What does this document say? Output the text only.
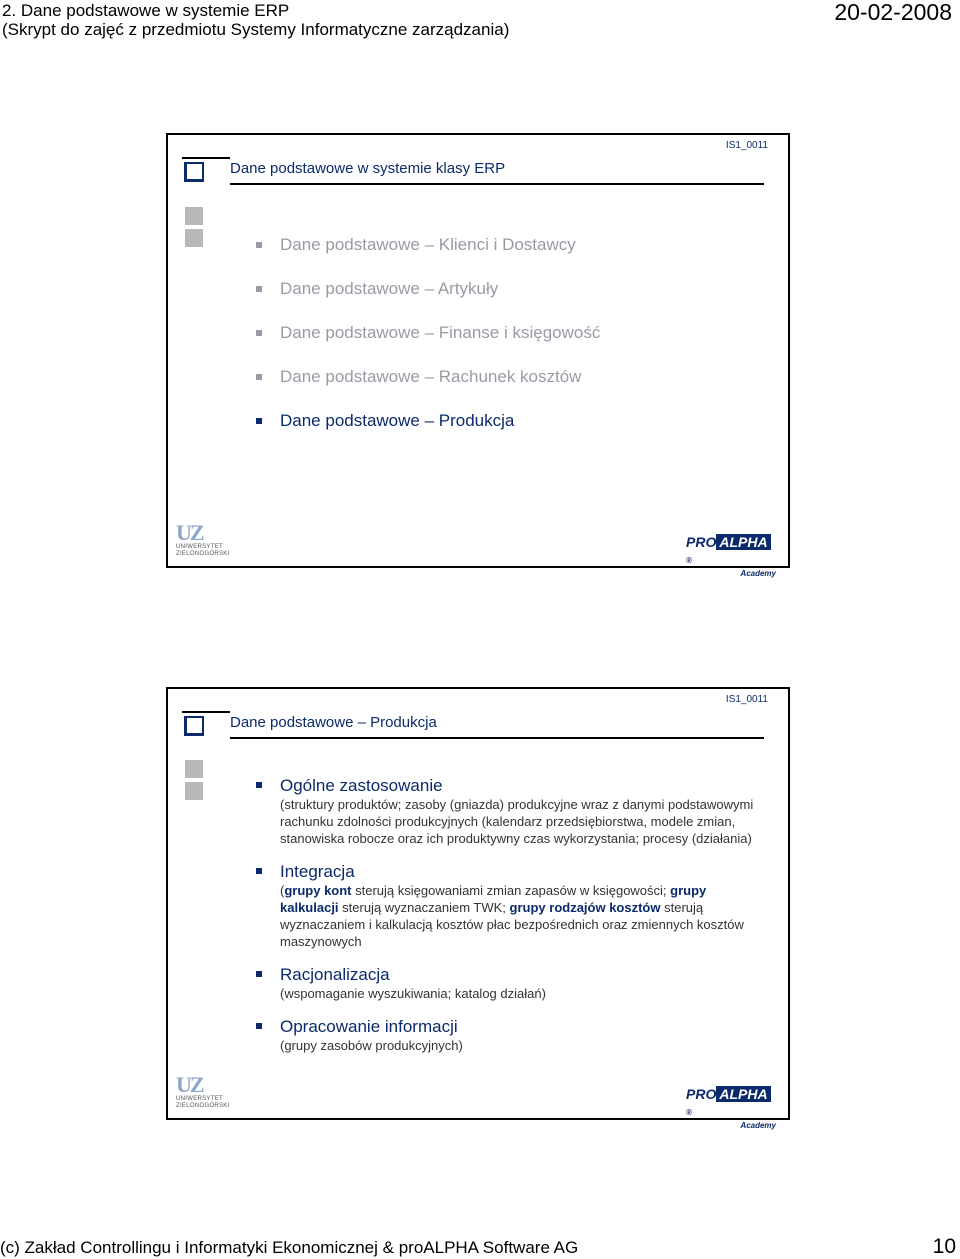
2. Dane podstawowe w systemie ERP
(Skrypt do zajęć z przedmiotu Systemy Informatyczne zarządzania)
20-02-2008
IS1_0011
Dane podstawowe w systemie klasy ERP
Dane podstawowe – Klienci i Dostawcy
Dane podstawowe – Artykuły
Dane podstawowe – Finanse i księgowość
Dane podstawowe – Rachunek kosztów
Dane podstawowe – Produkcja
UZ
UNIWERSYTET
ZIELONOGÓRSKI
PRO ALPHA®
Academy
IS1_0011
Dane podstawowe – Produkcja
Ogólne zastosowanie
(struktury produktów; zasoby (gniazda) produkcyjne wraz z danymi podstawowymi rachunku zdolności produkcyjnych (kalendarz przedsiębiorstwa, modele zmian, stanowiska robocze oraz ich produktywny czas wykorzystania; procesy (działania)
Integracja
(grupy kont sterują księgowaniami zmian zapasów w księgowości; grupy kalkulacji sterują wyznaczaniem TWK; grupy rodzajów kosztów sterują wyznaczaniem i kalkulacją kosztów płac bezpośrednich oraz zmiennych kosztów maszynowych
Racjonalizacja
(wspomaganie wyszukiwania; katalog działań)
Opracowanie informacji
(grupy zasobów produkcyjnych)
UZ
UNIWERSYTET
ZIELONOGÓRSKI
PRO ALPHA®
Academy
(c) Zakład Controllingu i Informatyki Ekonomicznej & proALPHA Software AG	10
